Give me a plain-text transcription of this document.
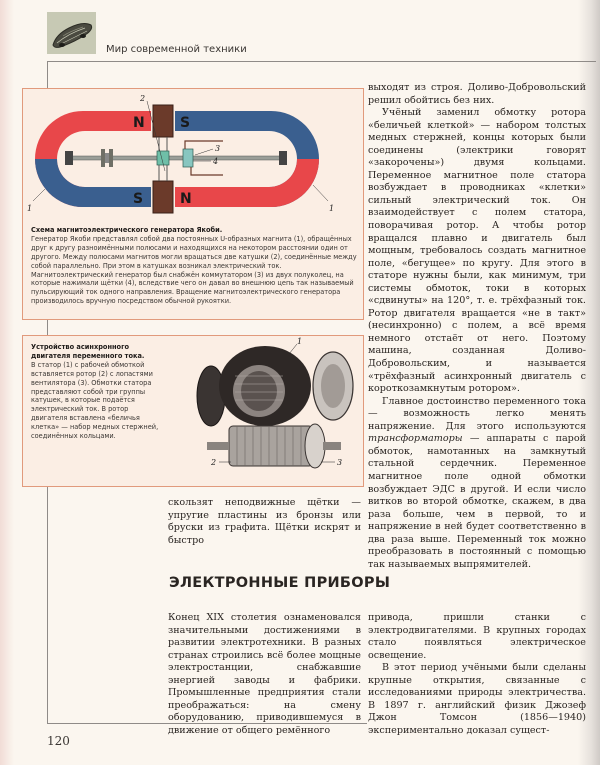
Мир современной техники
N	S
S	N
2
3
4
1	1
Схема магнитоэлектрического генератора Якоби.
Генератор Якоби представлял собой два постоянных U-образных магнита (1), обращённых друг к другу разноимёнными полюсами и находящихся на некотором расстоянии один от другого. Между полюсами магнитов могли вращаться две катушки (2), соединённые между собой параллельно. При этом в катушках возникал электрический ток. Магнитоэлектрический генератор был снабжён коммутатором (3) из двух полуколец, на которые нажимали щётки (4), вследствие чего он давал во внешнюю цепь так называемый пульсирующий ток одного направления. Вращение магнитоэлектрического генератора производилось вручную посредством обычной рукоятки.
Устройство асинхронного двигателя переменного тока.
В статор (1) с рабочей обмоткой вставляется ротор (2) с лопастями вентилятора (3). Обмотки статора представляют собой три группы катушек, в которые подаётся электрический ток. В ротор двигателя вставлена «беличья клетка» — набор медных стержней, соединённых кольцами.
1
2	3

выходят из строя. Доливо-Добровольский решил обойтись без них.

Учёный заменил обмотку ротора «беличьей клеткой» — набором толстых медных стержней, концы которых были соединены (электрики говорят «закорочены») двумя кольцами. Переменное магнитное поле статора возбуждает в проводниках «клетки» сильный электрический ток. Он взаимодействует с полем статора, поворачивая ротор. А чтобы ротор вращался плавно и двигатель был мощным, требовалось создать магнитное поле, «бегущее» по кругу. Для этого в статоре нужны были, как минимум, три системы обмоток, токи в которых «сдвинуты» на 120°, т. е. трёхфазный ток. Ротор двигателя вращается «не в такт» (несинхронно) с полем, а всё время немного отстаёт от него. Поэтому машина, созданная Доливо-Добровольским, и называется «трёхфазный асинхронный двигатель с короткозамкнутым ротором».

Главное достоинство переменного тока — возможность легко менять напряжение. Для этого используются трансформаторы — аппараты с парой обмоток, намотанных на замкнутый стальной сердечник. Переменное магнитное поле одной обмотки возбуждает ЭДС в другой. И если число витков во второй обмотке, скажем, в два раза больше, чем в первой, то и напряжение в ней будет соответственно в два раза выше. Переменный ток можно преобразовать в постоянный с помощью так называемых выпрямителей.

скользят неподвижные щётки — упругие пластины из бронзы или бруски из графита. Щётки искрят и быстро

ЭЛЕКТРОННЫЕ ПРИБОРЫ

Конец XIX столетия ознаменовался значительными достижениями в развитии электротехники. В разных странах строились всё более мощные электростанции, снабжавшие энергией заводы и фабрики. Промышленные предприятия стали преображаться: на смену оборудованию, приводившемуся в движение от общего ремённого

привода, пришли станки с электродвигателями. В крупных городах стало появляться электрическое освещение.

В этот период учёными были сделаны крупные открытия, связанные с исследованиями природы электричества. В 1897 г. английский физик Джозеф Джон Томсон (1856—1940) экспериментально доказал сущест-

120
